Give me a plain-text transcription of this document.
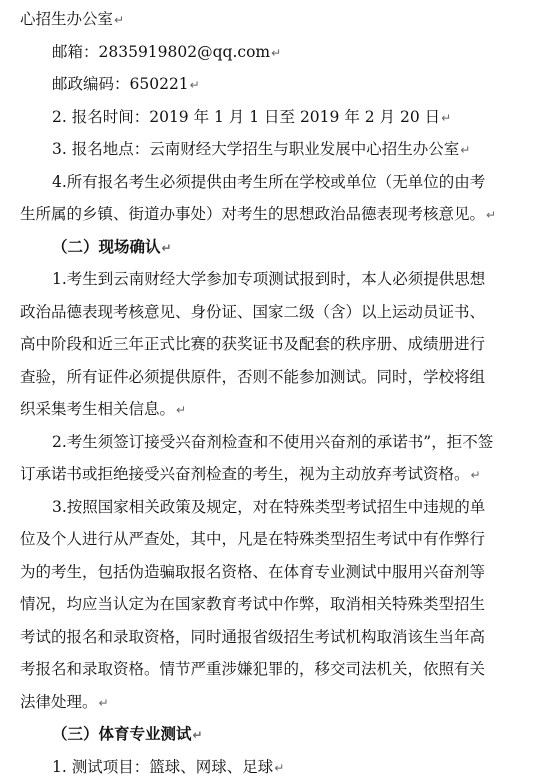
心招生办公室↵
邮箱：2835919802@qq.com↵
邮政编码：650221↵
2. 报名时间：2019 年 1 月 1 日至 2019 年 2 月 20 日↵
3. 报名地点：云南财经大学招生与职业发展中心招生办公室↵
4.所有报名考生必须提供由考生所在学校或单位（无单位的由考
生所属的乡镇、街道办事处）对考生的思想政治品德表现考核意见。↵
（二）现场确认↵
1.考生到云南财经大学参加专项测试报到时，本人必须提供思想
政治品德表现考核意见、身份证、国家二级（含）以上运动员证书、
高中阶段和近三年正式比赛的获奖证书及配套的秩序册、成绩册进行
查验，所有证件必须提供原件，否则不能参加测试。同时，学校将组
织采集考生相关信息。↵
2.考生须签订接受兴奋剂检查和不使用兴奋剂的承诺书”，拒不签
订承诺书或拒绝接受兴奋剂检查的考生，视为主动放弃考试资格。↵
3.按照国家相关政策及规定，对在特殊类型考试招生中违规的单
位及个人进行从严查处，其中，凡是在特殊类型招生考试中有作弊行
为的考生，包括伪造骗取报名资格、在体育专业测试中服用兴奋剂等
情况，均应当认定为在国家教育考试中作弊，取消相关特殊类型招生
考试的报名和录取资格，同时通报省级招生考试机构取消该生当年高
考报名和录取资格。情节严重涉嫌犯罪的，移交司法机关，依照有关
法律处理。↵
（三）体育专业测试↵
1. 测试项目：篮球、网球、足球↵
